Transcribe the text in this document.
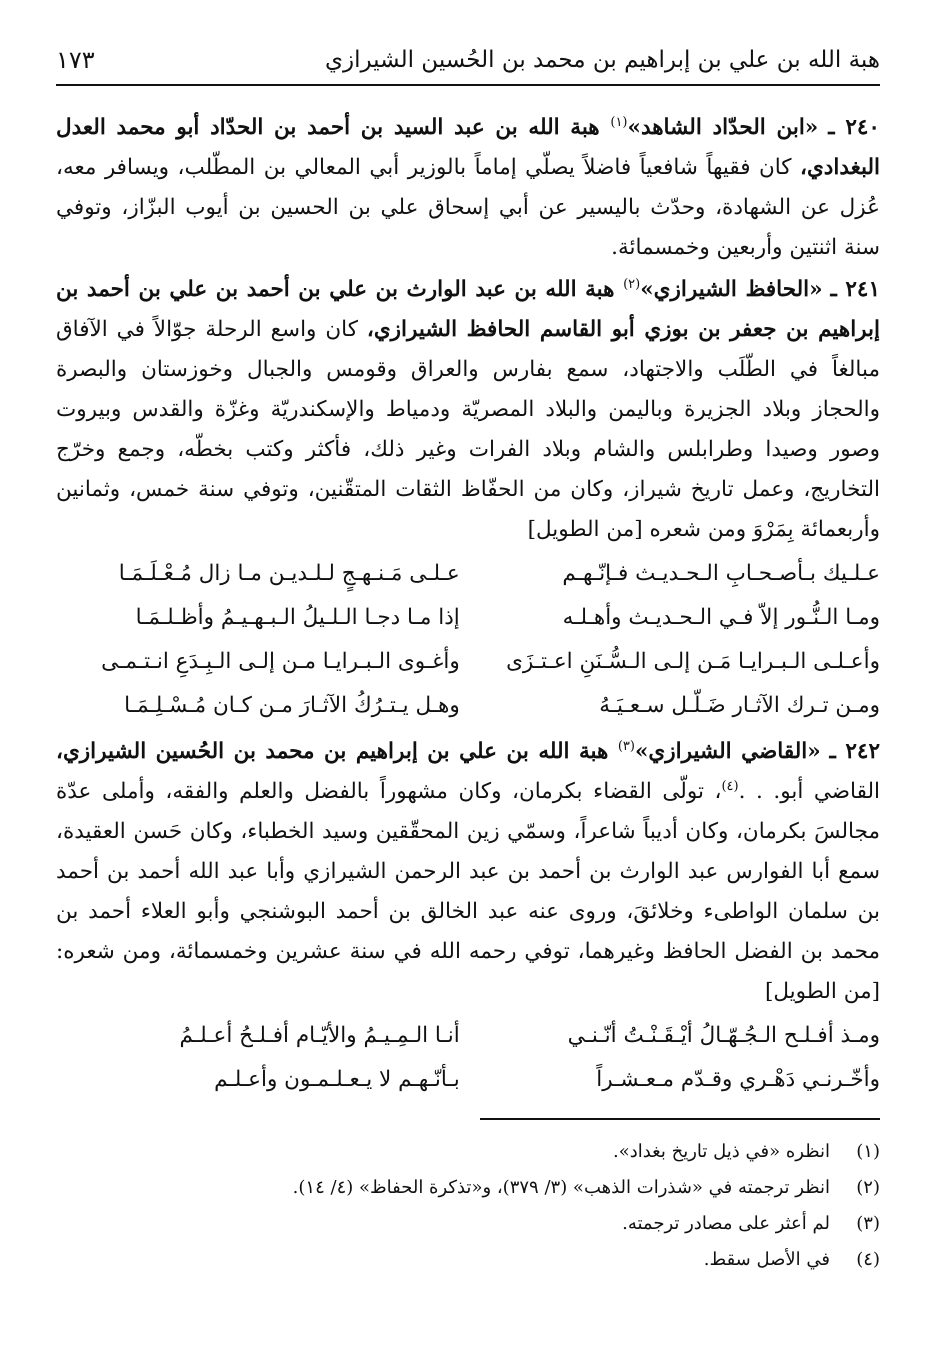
هبة الله بن علي بن إبراهيم بن محمد بن الحُسين الشيرازي
١٧٣

٢٤٠ ـ «ابن الحدّاد الشاهد»$^{(١)}$ هبة الله بن عبد السيد بن أحمد بن الحدّاد أبو محمد العدل البغدادي، كان فقيهاً شافعياً فاضلاً يصلّي إماماً بالوزير أبي المعالي بن المطّلب، ويسافر معه، عُزل عن الشهادة، وحدّث باليسير عن أبي إسحاق علي بن الحسين بن أيوب البزّاز، وتوفي سنة اثنتين وأربعين وخمسمائة.

٢٤١ ـ «الحافظ الشيرازي»$^{(٢)}$ هبة الله بن عبد الوارث بن علي بن أحمد بن علي بن أحمد بن إبراهيم بن جعفر بن بوزي أبو القاسم الحافظ الشيرازي، كان واسع الرحلة جوّالاً في الآفاق مبالغاً في الطّلَب والاجتهاد، سمع بفارس والعراق وقومس والجبال وخوزستان والبصرة والحجاز وبلاد الجزيرة وباليمن والبلاد المصريّة ودمياط والإسكندريّة وغزّة والقدس وبيروت وصور وصيدا وطرابلس والشام وبلاد الفرات وغير ذلك، فأكثر وكتب بخطّه، وجمع وخرّج التخاريج، وعمل تاريخ شيراز، وكان من الحفّاظ الثقات المتقّنين، وتوفي سنة خمس، وثمانين وأربعمائة بِمَرْوَ ومن شعره [من الطويل]

عـلـيك بـأصـحـابِ الـحـديـث فـإنّـهـم
عـلـى مَـنـهـجٍ لـلـديـن مـا زال مُـعْـلَـمَـا
ومـا الـنُّـور إلاّ فـي الـحـديـث وأهـلـه
إذا مـا دجـا الـلـيلُ الـبـهـيـمُ وأظـلـمَـا
وأعـلـى الـبـرايـا مَـن إلـى الـسُّـنَنِ اعـتـزَى
وأغـوى الـبـرايـا مـن إلـى الـبِـدَعِ انـتـمـى
ومـن تـرك الآثـار ضَـلّـل سـعـيَـهُ
وهـل يـتـرُكُ الآثـارَ مـن كـان مُـسْـلِـمَـا

٢٤٢ ـ «القاضي الشيرازي»$^{(٣)}$ هبة الله بن علي بن إبراهيم بن محمد بن الحُسين الشيرازي، القاضي أبو. . .$^{(٤)}$، تولّى القضاء بكرمان، وكان مشهوراً بالفضل والعلم والفقه، وأملى عدّة مجالسَ بكرمان، وكان أديباً شاعراً، وسمّي زين المحقّقين وسيد الخطباء، وكان حَسن العقيدة، سمع أبا الفوارس عبد الوارث بن أحمد بن عبد الرحمن الشيرازي وأبا عبد الله أحمد بن أحمد بن سلمان الواطىء وخلائقَ، وروى عنه عبد الخالق بن أحمد البوشنجي وأبو العلاء أحمد بن محمد بن الفضل الحافظ وغيرهما، توفي رحمه الله في سنة عشرين وخمسمائة، ومن شعره: [من الطويل]

ومـذ أفـلـح الـجُـهّـالُ أيْـقَـنْـتُ أنّـنـي
أنـا الـمِـيـمُ والأيّـام أفـلـحُ أعـلـمُ
وأخّـرنـي دَهْـري وقـدّم مـعـشـراً
بـأنّـهـم لا يـعـلـمـون وأعـلـم
(١)
انظره «في ذيل تاريخ بغداد».
(٢)
انظر ترجمته في «شذرات الذهب» (٣/ ٣٧٩)، و«تذكرة الحفاظ» (٤/ ١٤).
(٣)
لم أعثر على مصادر ترجمته.
(٤)
في الأصل سقط.
